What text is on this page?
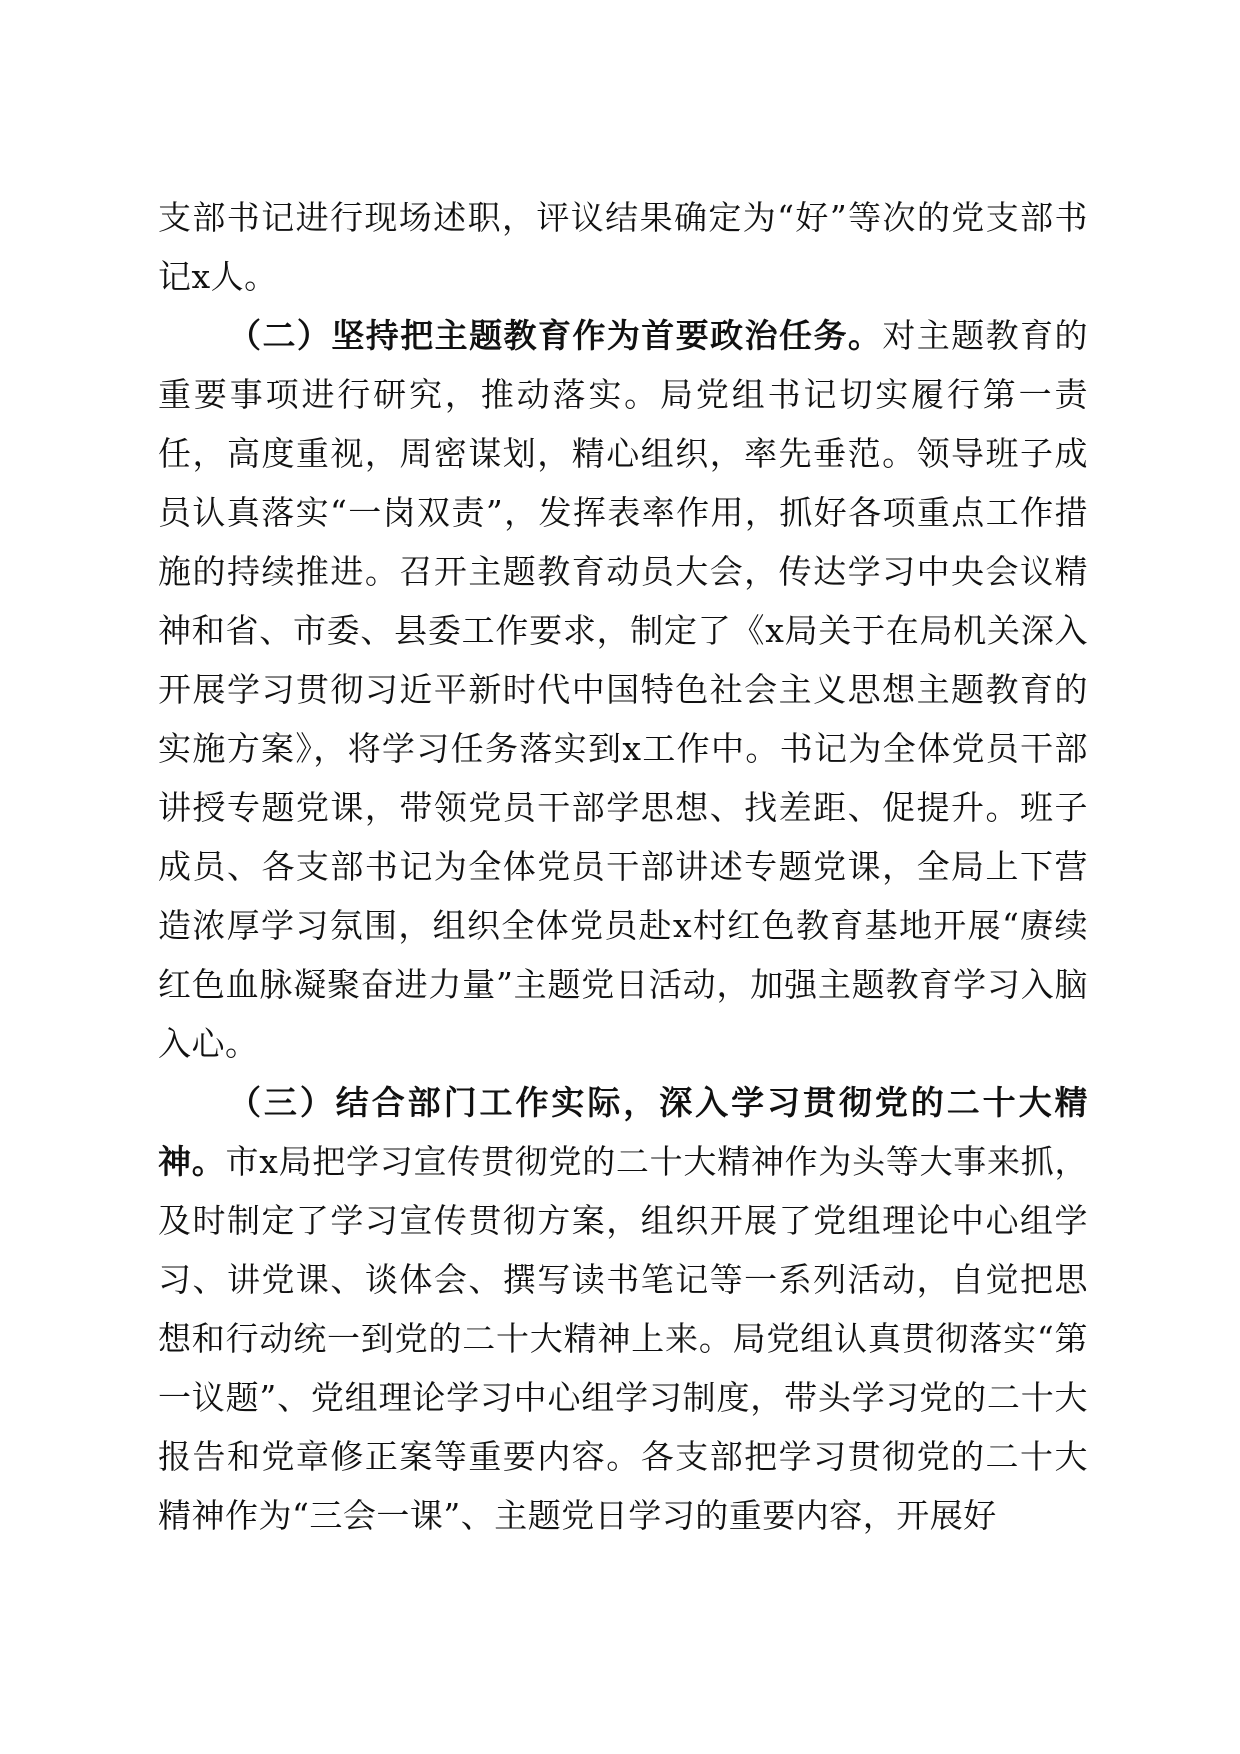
支部书记进行现场述职，评议结果确定为“好”等次的党支部书记x人。

（二）坚持把主题教育作为首要政治任务。对主题教育的重要事项进行研究，推动落实。局党组书记切实履行第一责任，高度重视，周密谋划，精心组织，率先垂范。领导班子成员认真落实“一岗双责”，发挥表率作用，抓好各项重点工作措施的持续推进。召开主题教育动员大会，传达学习中央会议精神和省、市委、县委工作要求，制定了《x局关于在局机关深入开展学习贯彻习近平新时代中国特色社会主义思想主题教育的实施方案》，将学习任务落实到x工作中。书记为全体党员干部讲授专题党课，带领党员干部学思想、找差距、促提升。班子成员、各支部书记为全体党员干部讲述专题党课，全局上下营造浓厚学习氛围，组织全体党员赴x村红色教育基地开展“赓续红色血脉凝聚奋进力量”主题党日活动，加强主题教育学习入脑入心。

（三）结合部门工作实际，深入学习贯彻党的二十大精神。市x局把学习宣传贯彻党的二十大精神作为头等大事来抓，及时制定了学习宣传贯彻方案，组织开展了党组理论中心组学习、讲党课、谈体会、撰写读书笔记等一系列活动，自觉把思想和行动统一到党的二十大精神上来。局党组认真贯彻落实“第一议题”、党组理论学习中心组学习制度，带头学习党的二十大报告和党章修正案等重要内容。各支部把学习贯彻党的二十大精神作为“三会一课”、主题党日学习的重要内容，开展好
